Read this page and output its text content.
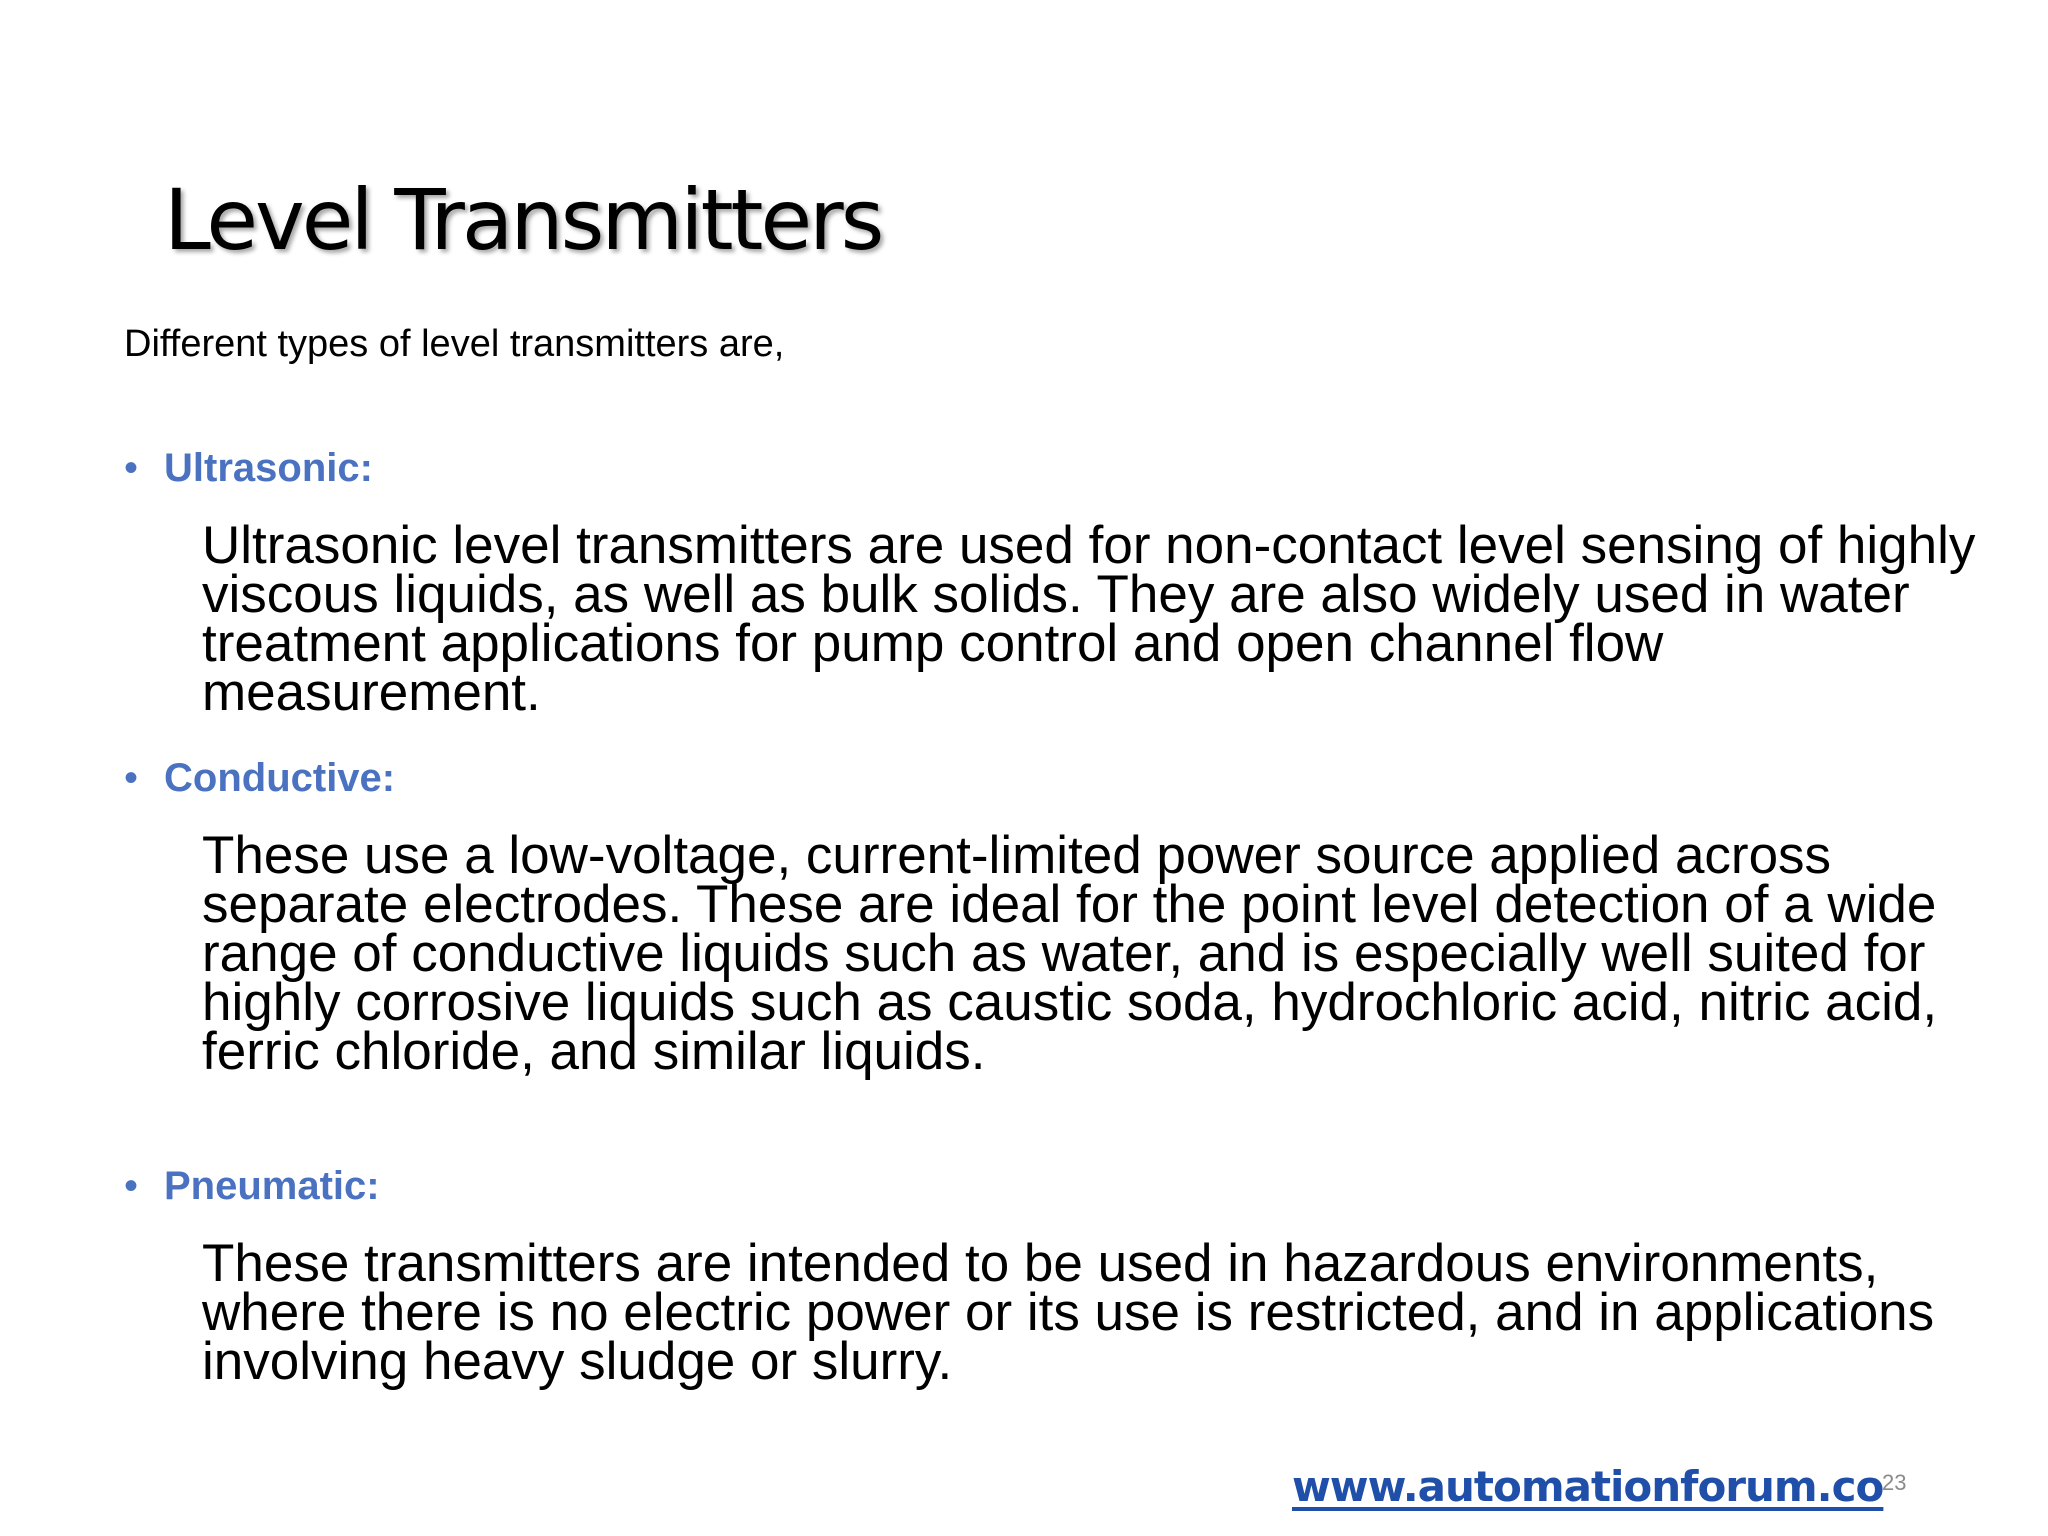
Level Transmitters
Different types of level transmitters are,
• Ultrasonic:

Ultrasonic level transmitters are used for non-contact level sensing of highly viscous liquids, as well as bulk solids. They are also widely used in water treatment applications for pump control and open channel flow measurement.

• Conductive:

These use a low-voltage, current-limited power source applied across separate electrodes. These are ideal for the point level detection of a wide range of conductive liquids such as water, and is especially well suited for highly corrosive liquids such as caustic soda, hydrochloric acid, nitric acid, ferric chloride, and similar liquids.

• Pneumatic:

These transmitters are intended to be used in hazardous environments, where there is no electric power or its use is restricted, and in applications involving heavy sludge or slurry.

www.automationforum.co
23
